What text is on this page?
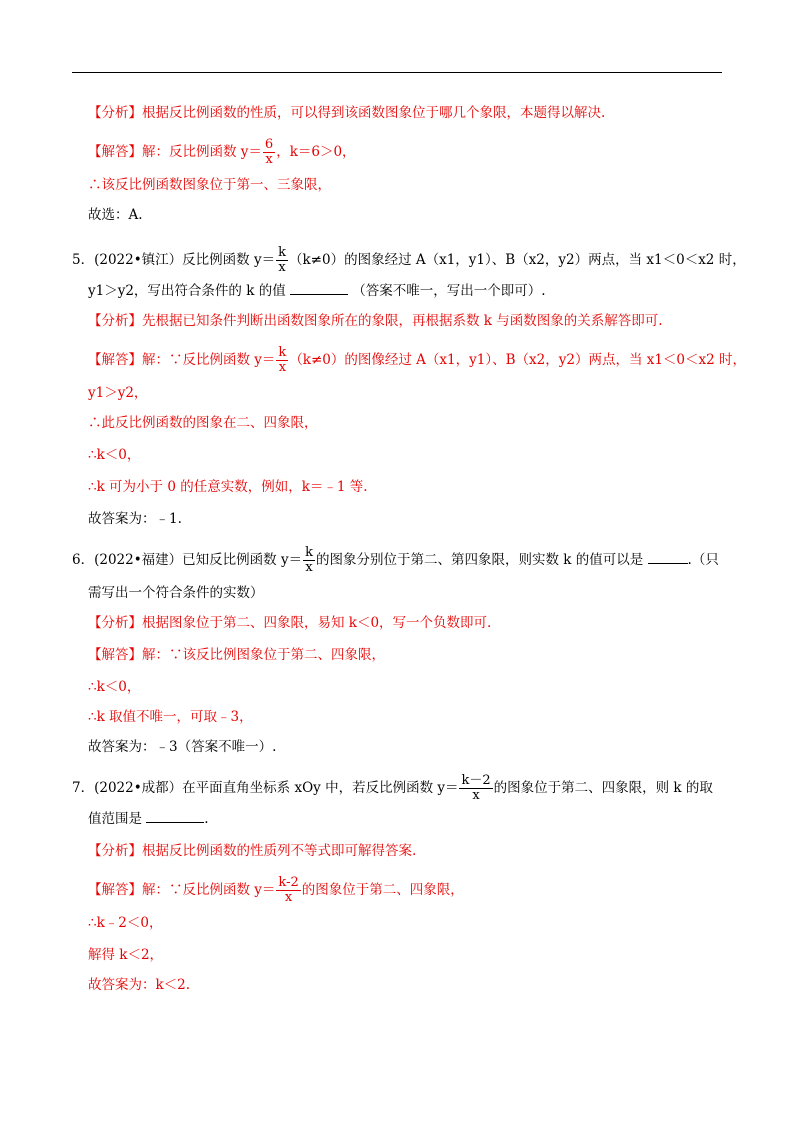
【分析】根据反比例函数的性质，可以得到该函数图象位于哪几个象限，本题得以解决.
【解答】解：反比例函数 $y= \frac{6}{x}$ ，k＝6＞0，
∴该反比例函数图象位于第一、三象限，
故选：A.
5．(2022•镇江）反比例函数 $y= \frac{k}{x} (k\ne 0)$的图象经过 A（x1，y1）、B（x2，y2）两点，当 x1＜0＜x2 时，
y1＞y2，写出符合条件的 k 的值	（答案不唯一，写出一个即可）.
【分析】先根据已知条件判断出函数图象所在的象限，再根据系数 k 与函数图象的关系解答即可.
【解答】解：∵反比例函数 $y= \frac{k}{x} (k\ne 0)$的图像经过 A（x1，y1）、B（x2，y2）两点，当 x1＜0＜x2 时，
y1＞y2，
∴此反比例函数的图象在二、四象限，
∴k＜0，
∴k 可为小于 0 的任意实数，例如，k＝﹣1 等.
故答案为：﹣1.
6．(2022•福建）已知反比例函数 $y= \frac{k}{x}$ 的图象分别位于第二、第四象限，则实数 k 的值可以是	.（只
需写出一个符合条件的实数）
【分析】根据图象位于第二、四象限，易知 k＜0，写一个负数即可.
【解答】解：∵该反比例图象位于第二、四象限，
∴k＜0，
∴k 取值不唯一，可取﹣3，
故答案为：﹣3（答案不唯一）.
7．(2022•成都）在平面直角坐标系 xOy 中，若反比例函数 $y= \frac{k-2}{x}$ 的图象位于第二、四象限，则 k 的取
值范围是	.
【分析】根据反比例函数的性质列不等式即可解得答案.
【解答】解：∵反比例函数 $y= \frac{k-2}{x}$ 的图象位于第二、四象限，
∴k﹣2＜0，
解得 k＜2，
故答案为：k＜2.
